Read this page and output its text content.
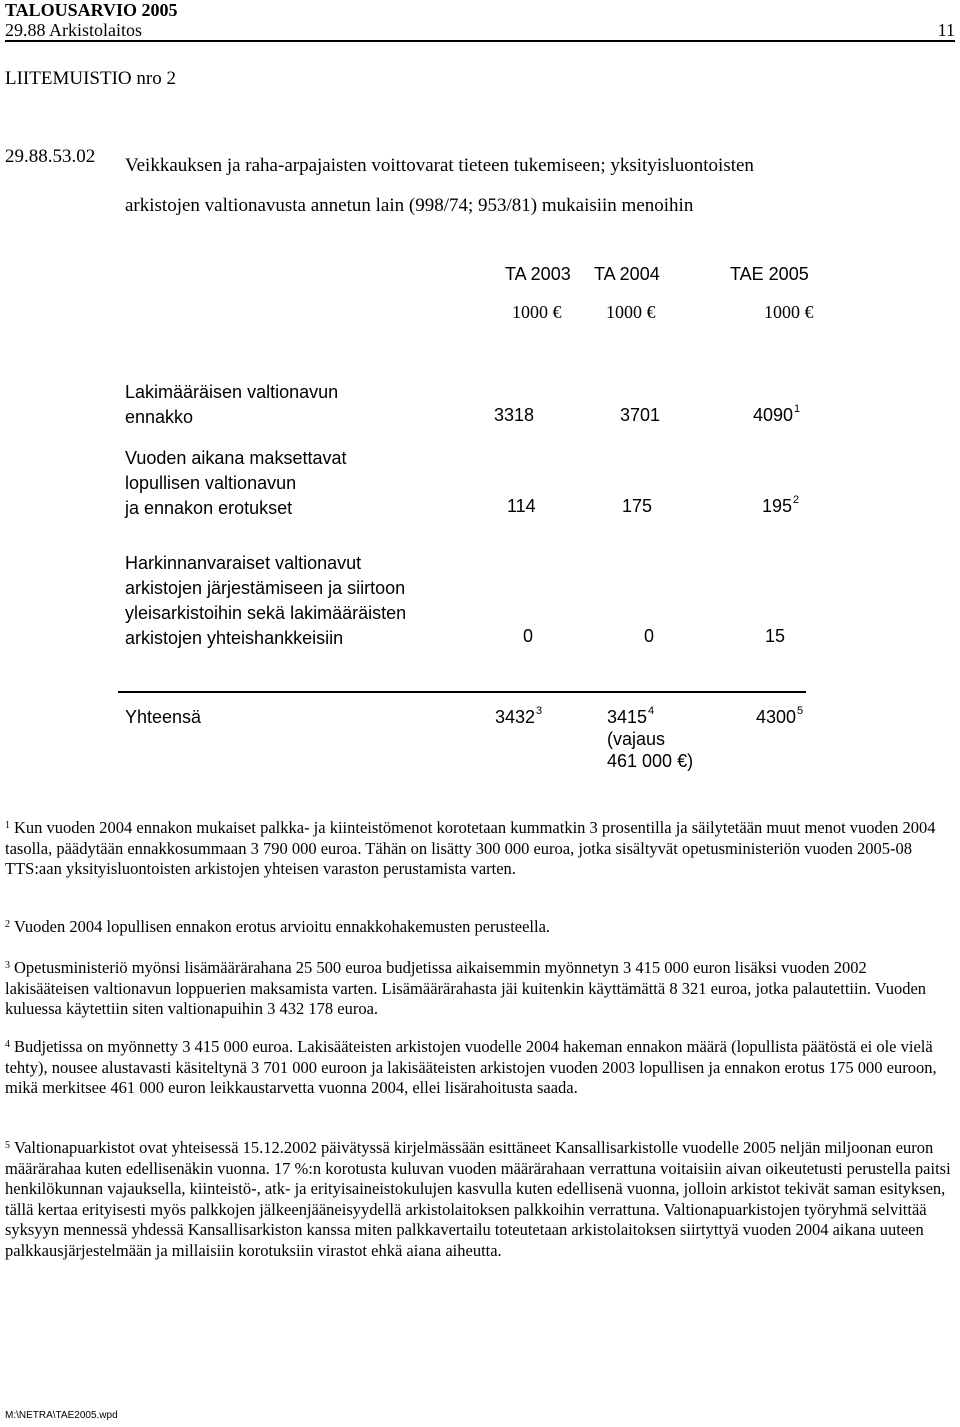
TALOUSARVIO 2005
29.88 Arkistolaitos	11
LIITEMUISTIO nro 2
29.88.53.02 Veikkauksen ja raha-arpajaisten voittovarat tieteen tukemiseen; yksityisluontoisten
arkistojen valtionavusta annetun lain (998/74; 953/81) mukaisiin menoihin
TA 2003 TA 2004	TAE 2005
1000 € 1000 €	1000 €
Lakimääräisen valtionavun
ennakko	3318	3701	4090$^1$
Vuoden aikana maksettavat
lopullisen valtionavun
ja ennakon erotukset	114	175	$195^2$
Harkinnanvaraiset valtionavut
arkistojen järjestämiseen ja siirtoon
yleisarkistoihin sekä lakimääräisten
arkistojen yhteishankkeisiin	0	0	15
Yhteensä	3432$^3$	3415$^4$	4300$^5$
(vajaus
461 000 €)
$^1$ Kun vuoden 2004 ennakon mukaiset palkka- ja kiinteistömenot korotetaan kummatkin 3 prosentilla ja säilytetään muut menot vuoden 2004 tasolla, päädytään ennakkosummaan 3 790 000 euroa. Tähän on lisätty 300 000 euroa, jotka sisältyvät opetusministeriön vuoden 2005-08 TTS:aan yksityisluontoisten arkistojen yhteisen varaston perustamista varten.
$^2$ Vuoden 2004 lopullisen ennakon erotus arvioitu ennakkohakemusten perusteella.
$^3$ Opetusministeriö myönsi lisämäärärahana 25 500 euroa budjetissa aikaisemmin myönnetyn 3 415 000 euron lisäksi vuoden 2002 lakisääteisen valtionavun loppuerien maksamista varten. Lisämäärärahasta jäi kuitenkin käyttämättä 8 321 euroa, jotka palautettiin. Vuoden kuluessa käytettiin siten valtionapuihin 3 432 178 euroa.
$^4$ Budjetissa on myönnetty 3 415 000 euroa. Lakisääteisten arkistojen vuodelle 2004 hakeman ennakon määrä (lopullista päätöstä ei ole vielä tehty), nousee alustavasti käsiteltynä 3 701 000 euroon ja lakisääteisten arkistojen vuoden 2003 lopullisen ja ennakon erotus 175 000 euroon, mikä merkitsee 461 000 euron leikkaustarvetta vuonna 2004, ellei lisärahoitusta saada.
$^5$ Valtionapuarkistot ovat yhteisessä 15.12.2002 päivätyssä kirjelmässään esittäneet Kansallisarkistolle vuodelle 2005 neljän miljoonan euron määrärahaa kuten edellisenäkin vuonna. 17 %:n korotusta kuluvan vuoden määrärahaan verrattuna voitaisiin aivan oikeutetusti perustella paitsi henkilökunnan vajauksella, kiinteistö-, atk- ja erityisaineistokulujen kasvulla kuten edellisenä vuonna, jolloin arkistot tekivät saman esityksen, tällä kertaa erityisesti myös palkkojen jälkeenjääneisyydellä arkistolaitoksen palkkoihin verrattuna. Valtionapuarkistojen työryhmä selvittää syksyyn mennessä yhdessä Kansallisarkiston kanssa miten palkkavertailu toteutetaan arkistolaitoksen siirtyttyä vuoden 2004 aikana uuteen palkkausjärjestelmään ja millaisiin korotuksiin virastot ehkä aiana aiheutta.
M:\NETRA\TAE2005.wpd
